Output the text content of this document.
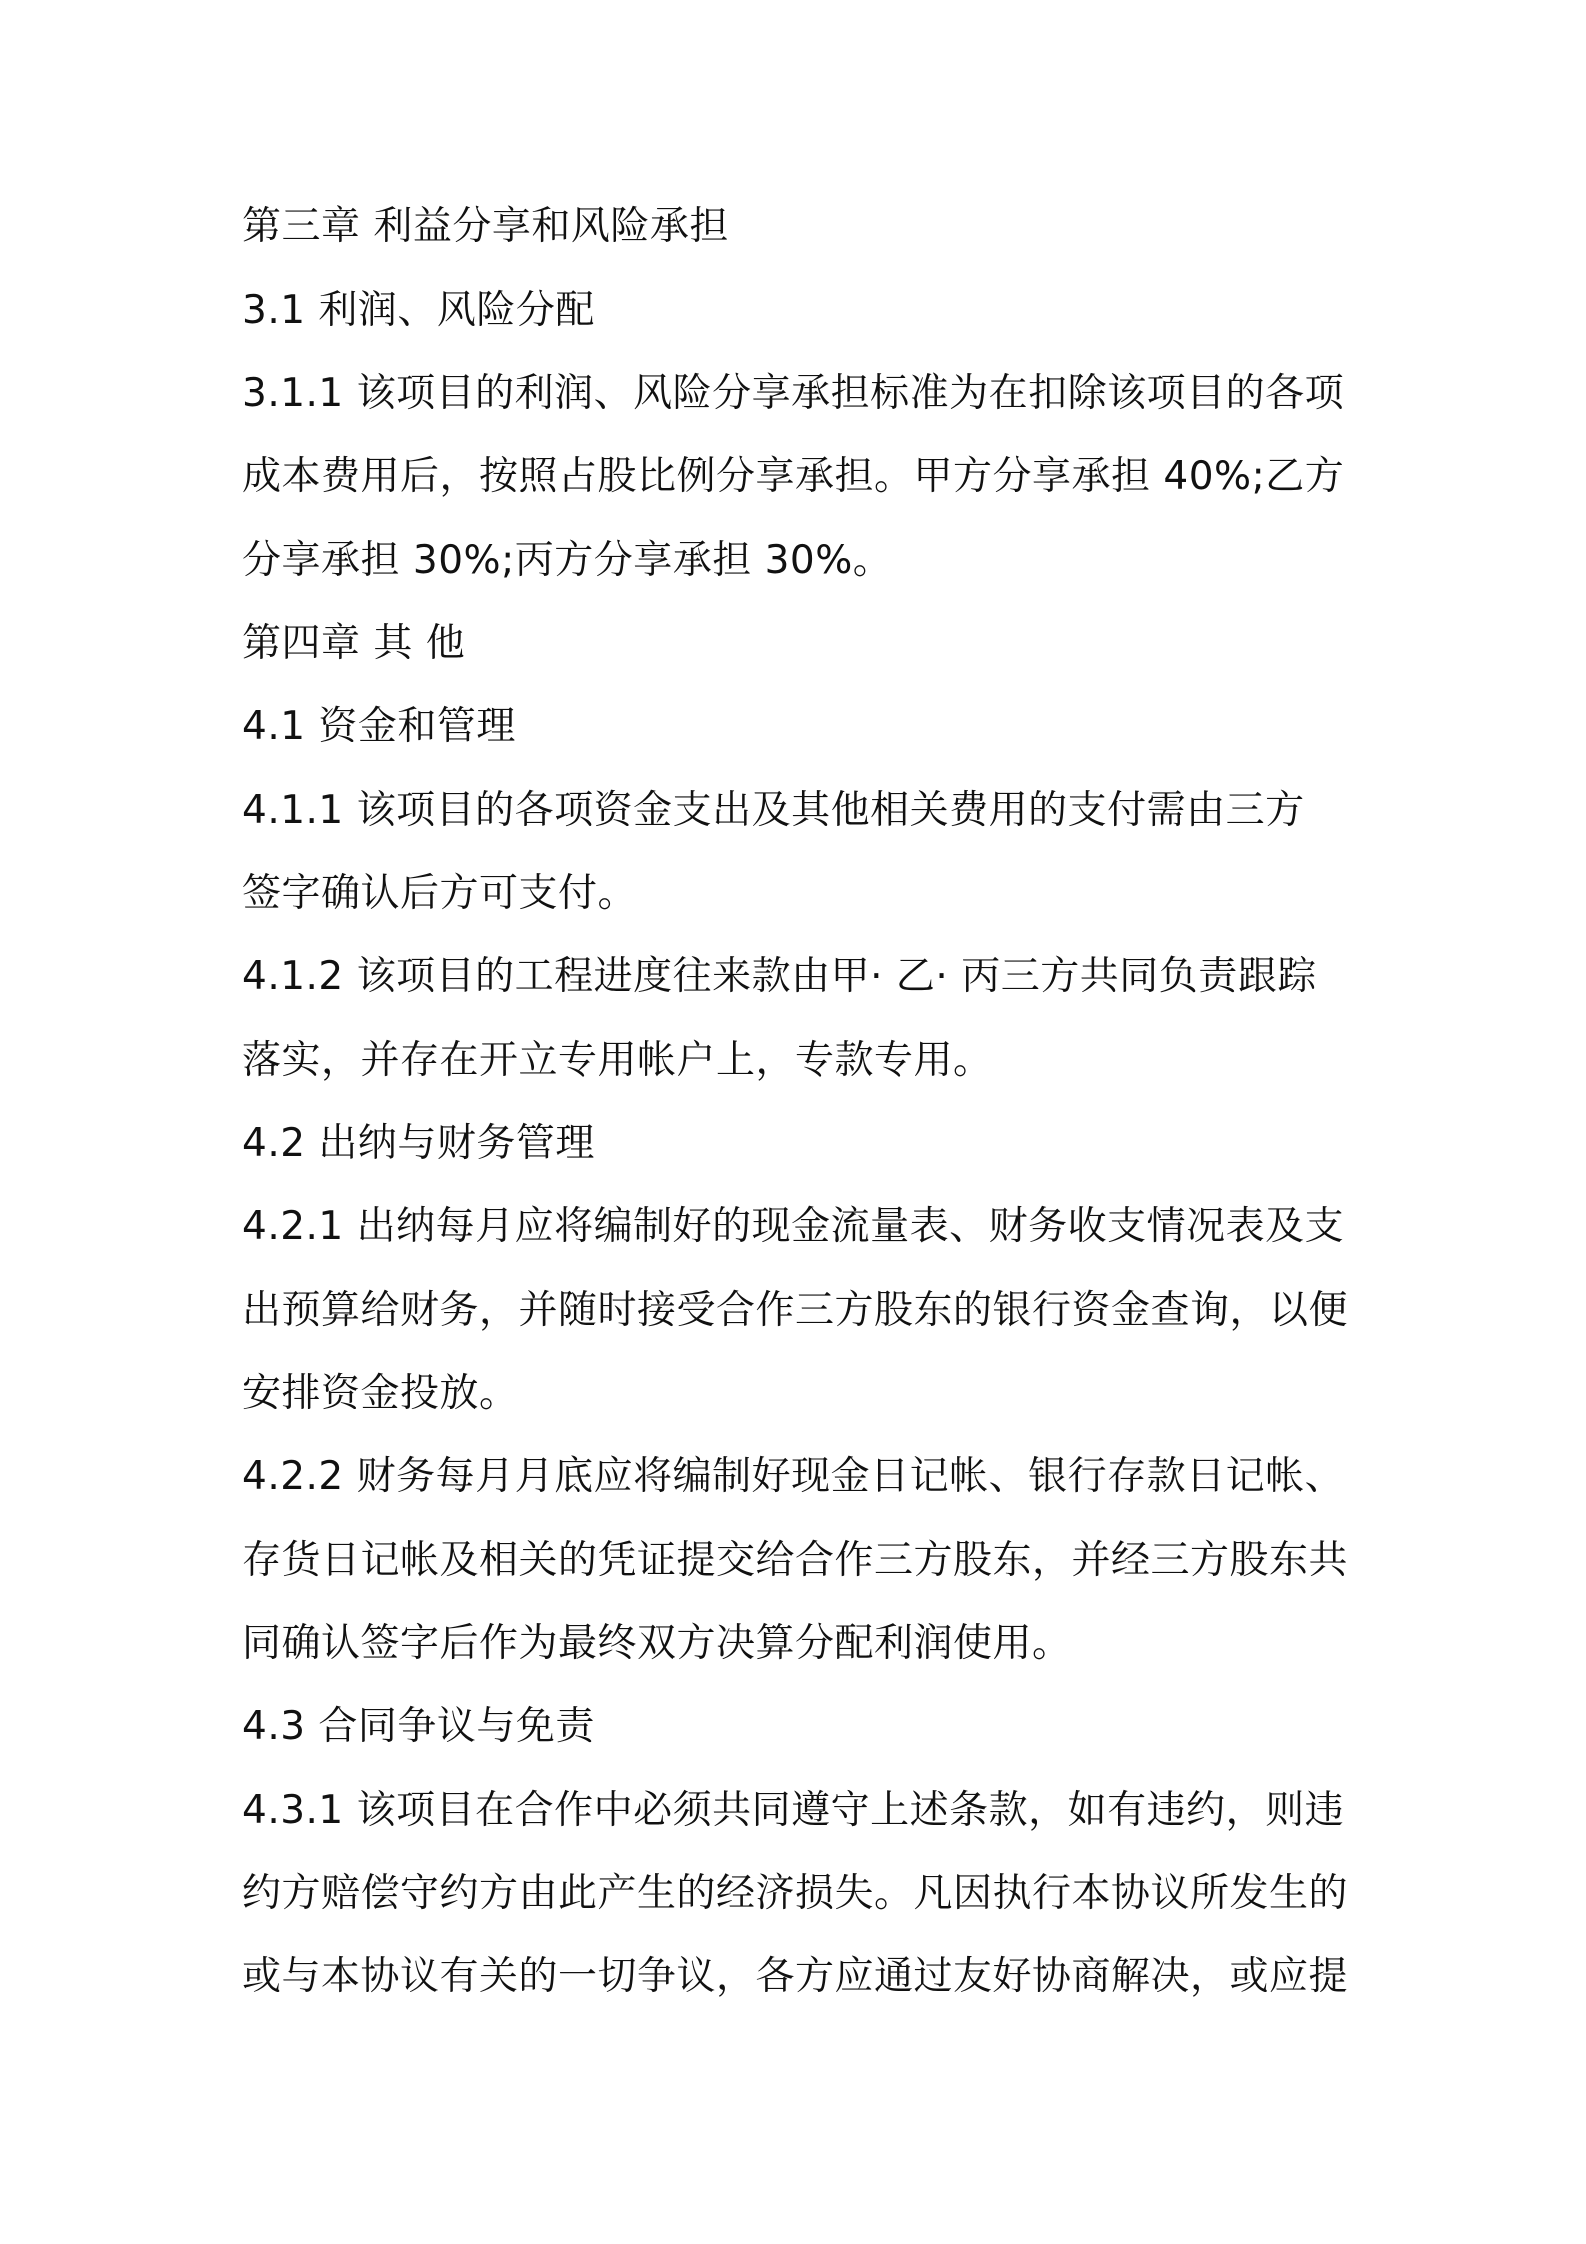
第三章 利益分享和风险承担
3.1 利润、风险分配
3.1.1 该项目的利润、风险分享承担标准为在扣除该项目的各项
成本费用后，按照占股比例分享承担。甲方分享承担 40%;乙方
分享承担 30%;丙方分享承担 30%。
第四章 其 他
4.1 资金和管理
4.1.1 该项目的各项资金支出及其他相关费用的支付需由三方
签字确认后方可支付。
4.1.2 该项目的工程进度往来款由甲· 乙· 丙三方共同负责跟踪
落实，并存在开立专用帐户上，专款专用。
4.2 出纳与财务管理
4.2.1 出纳每月应将编制好的现金流量表、财务收支情况表及支
出预算给财务，并随时接受合作三方股东的银行资金查询，以便
安排资金投放。
4.2.2 财务每月月底应将编制好现金日记帐、银行存款日记帐、
存货日记帐及相关的凭证提交给合作三方股东，并经三方股东共
同确认签字后作为最终双方决算分配利润使用。
4.3 合同争议与免责
4.3.1 该项目在合作中必须共同遵守上述条款，如有违约，则违
约方赔偿守约方由此产生的经济损失。凡因执行本协议所发生的
或与本协议有关的一切争议，各方应通过友好协商解决，或应提
